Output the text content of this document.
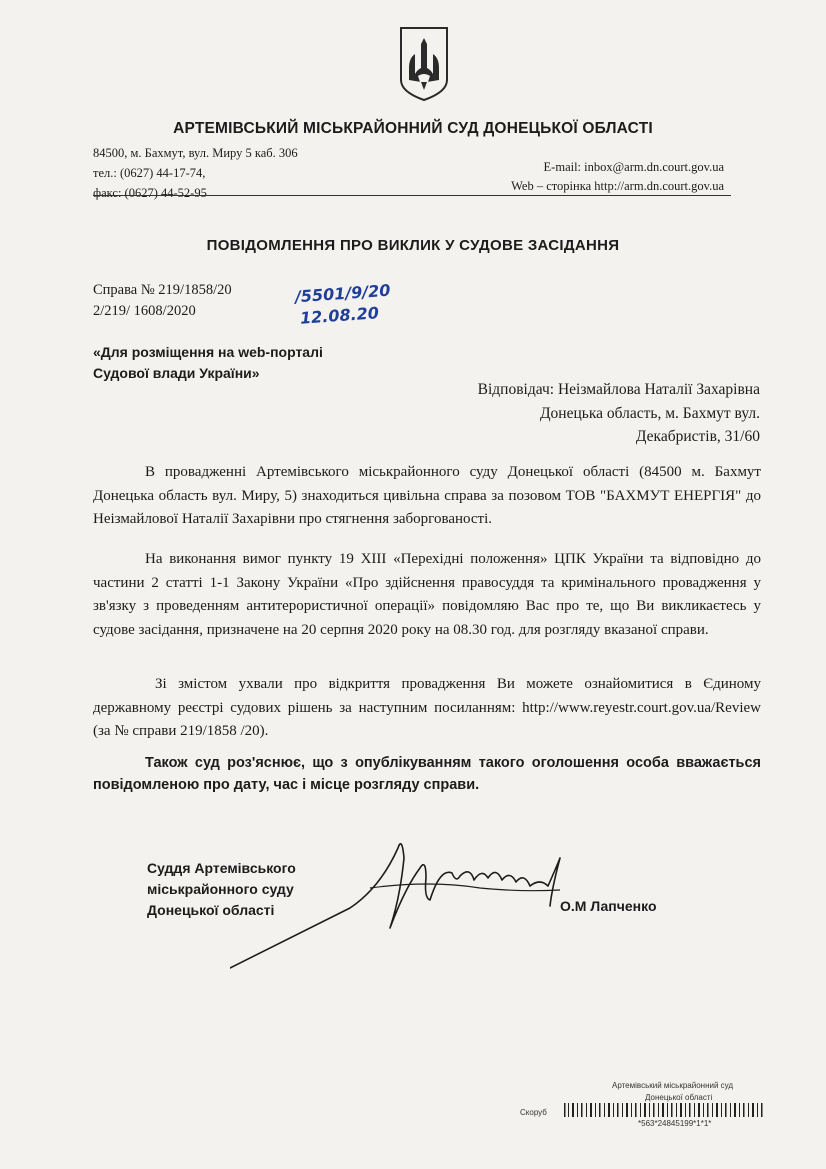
АРТЕМІВСЬКИЙ МІСЬКРАЙОННИЙ СУД ДОНЕЦЬКОЇ ОБЛАСТІ
84500, м. Бахмут, вул. Миру 5 каб. 306
тел.: (0627) 44-17-74,
факс: (0627) 44-52-95
E-mail: inbox@arm.dn.court.gov.ua
Web – сторінка http://arm.dn.court.gov.ua
ПОВІДОМЛЕННЯ ПРО ВИКЛИК У СУДОВЕ ЗАСІДАННЯ
Справа № 219/1858/20
2/219/ 1608/2020
/5501/9/20
12.08.20
«Для розміщення на web-порталі
Судової влади України»
Відповідач: Неізмайлова Наталії Захарівна
Донецька область, м. Бахмут вул.
Декабристів, 31/60
В провадженні Артемівського міськрайонного суду Донецької області (84500 м. Бахмут Донецька область вул. Миру, 5) знаходиться цивільна справа за позовом ТОВ "БАХМУТ ЕНЕРГІЯ" до Неізмайлової Наталії Захарівни про стягнення заборгованості.
На виконання вимог пункту 19 XIII «Перехідні положення» ЦПК України та відповідно до частини 2 статті 1-1 Закону України «Про здійснення правосуддя та кримінального провадження у зв'язку з проведенням антитерористичної операції» повідомляю Вас про те, що Ви викликаєтесь у судове засідання, призначене на 20 серпня 2020 року на 08.30 год. для розгляду вказаної справи.
Зі змістом ухвали про відкриття провадження Ви можете ознайомитися в Єдиному державному реєстрі судових рішень за наступним посиланням: http://www.reyestr.court.gov.ua/Review (за № справи 219/1858 /20).
Також суд роз'яснює, що з опублікуванням такого оголошення особа вважається повідомленою про дату, час і місце розгляду справи.
Суддя Артемівського
міськрайонного суду
Донецької області	О.М Лапченко
Артемівський міськрайонний суд
Донецької області
Скоруб
*563*24845199*1*1*
